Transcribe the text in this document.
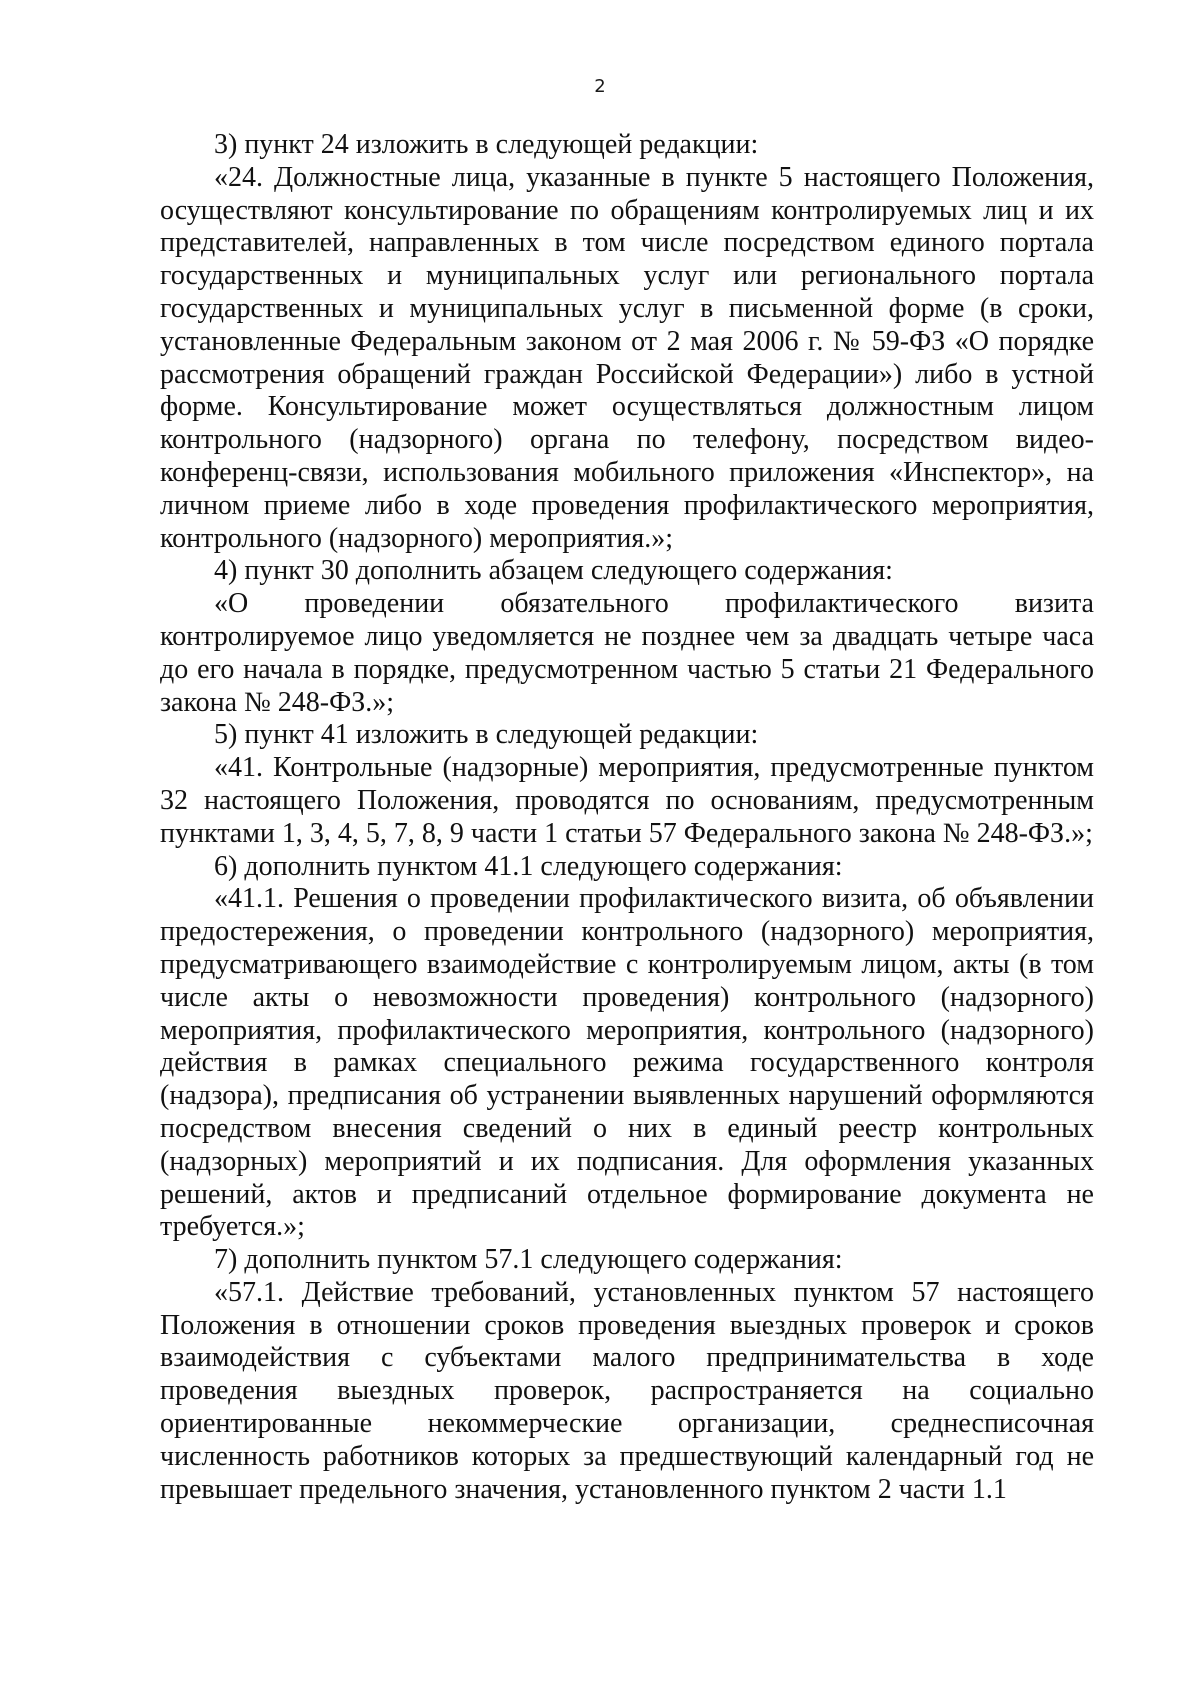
2

3) пункт 24 изложить в следующей редакции:

«24. Должностные лица, указанные в пункте 5 настоящего Положения, осуществляют консультирование по обращениям контролируемых лиц и их представителей, направленных в том числе посредством единого портала государственных и муниципальных услуг или регионального портала государственных и муниципальных услуг в письменной форме (в сроки, установленные Федеральным законом от 2 мая 2006 г. № 59-ФЗ «О порядке рассмотрения обращений граждан Российской Федерации») либо в устной форме. Консультирование может осуществляться должностным лицом контрольного (надзорного) органа по телефону, посредством видео-конференц-связи, использования мобильного приложения «Инспектор», на личном приеме либо в ходе проведения профилактического мероприятия, контрольного (надзорного) мероприятия.»;

4) пункт 30 дополнить абзацем следующего содержания:

«О проведении обязательного профилактического визита контролируемое лицо уведомляется не позднее чем за двадцать четыре часа до его начала в порядке, предусмотренном частью 5 статьи 21 Федерального закона № 248-ФЗ.»;

5) пункт 41 изложить в следующей редакции:

«41. Контрольные (надзорные) мероприятия, предусмотренные пунктом 32 настоящего Положения, проводятся по основаниям, предусмотренным пунктами 1, 3, 4, 5, 7, 8, 9 части 1 статьи 57 Федерального закона № 248-ФЗ.»;

6) дополнить пунктом 41.1 следующего содержания:

«41.1. Решения о проведении профилактического визита, об объявлении предостережения, о проведении контрольного (надзорного) мероприятия, предусматривающего взаимодействие с контролируемым лицом, акты (в том числе акты о невозможности проведения) контрольного (надзорного) мероприятия, профилактического мероприятия, контрольного (надзорного) действия в рамках специального режима государственного контроля (надзора), предписания об устранении выявленных нарушений оформляются посредством внесения сведений о них в единый реестр контрольных (надзорных) мероприятий и их подписания. Для оформления указанных решений, актов и предписаний отдельное формирование документа не требуется.»;

7) дополнить пунктом 57.1 следующего содержания:

«57.1. Действие требований, установленных пунктом 57 настоящего Положения в отношении сроков проведения выездных проверок и сроков взаимодействия с субъектами малого предпринимательства в ходе проведения выездных проверок, распространяется на социально ориентированные некоммерческие организации, среднесписочная численность работников которых за предшествующий календарный год не превышает предельного значения, установленного пунктом 2 части 1.1
